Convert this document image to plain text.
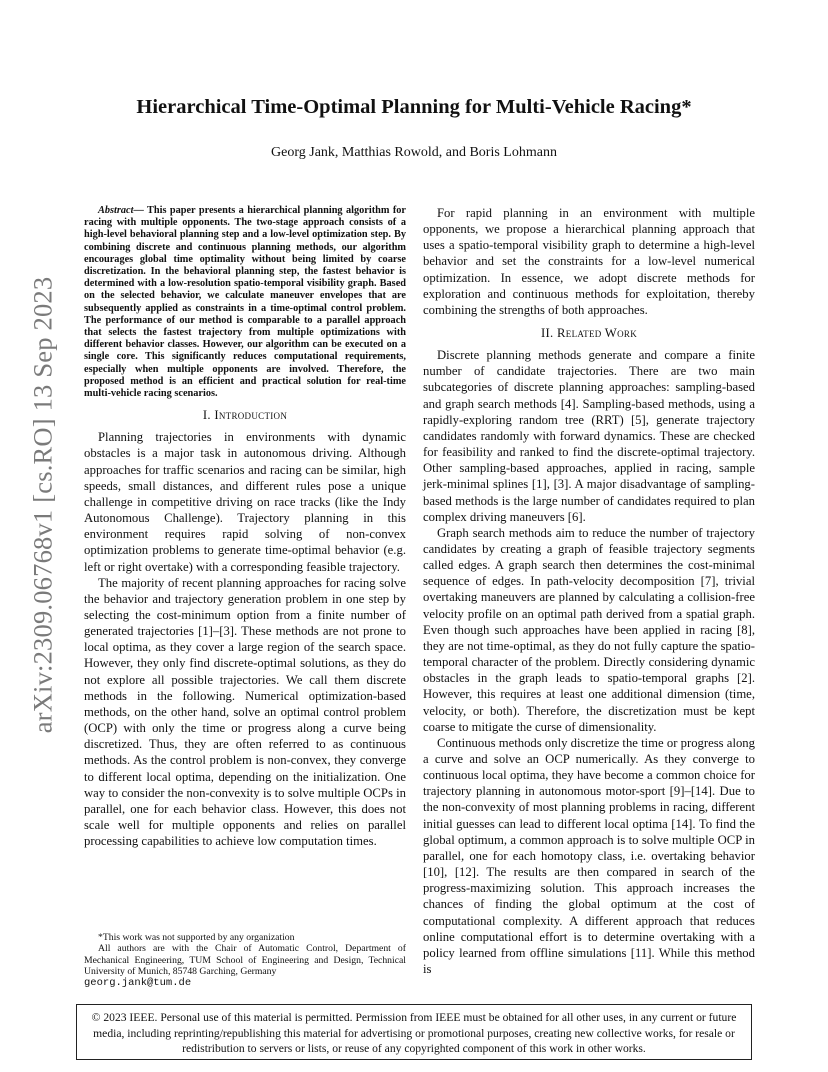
arXiv:2309.06768v1 [cs.RO] 13 Sep 2023
Hierarchical Time-Optimal Planning for Multi-Vehicle Racing*
Georg Jank, Matthias Rowold, and Boris Lohmann

Abstract— This paper presents a hierarchical planning algorithm for racing with multiple opponents. The two-stage approach consists of a high-level behavioral planning step and a low-level optimization step. By combining discrete and continuous planning methods, our algorithm encourages global time optimality without being limited by coarse discretization. In the behavioral planning step, the fastest behavior is determined with a low-resolution spatio-temporal visibility graph. Based on the selected behavior, we calculate maneuver envelopes that are subsequently applied as constraints in a time-optimal control problem. The performance of our method is comparable to a parallel approach that selects the fastest trajectory from multiple optimizations with different behavior classes. However, our algorithm can be executed on a single core. This significantly reduces computational requirements, especially when multiple opponents are involved. Therefore, the proposed method is an efficient and practical solution for real-time multi-vehicle racing scenarios.

I. Introduction

Planning trajectories in environments with dynamic obstacles is a major task in autonomous driving. Although approaches for traffic scenarios and racing can be similar, high speeds, small distances, and different rules pose a unique challenge in competitive driving on race tracks (like the Indy Autonomous Challenge). Trajectory planning in this environment requires rapid solving of non-convex optimization problems to generate time-optimal behavior (e.g. left or right overtake) with a corresponding feasible trajectory.

The majority of recent planning approaches for racing solve the behavior and trajectory generation problem in one step by selecting the cost-minimum option from a finite number of generated trajectories [1]–[3]. These methods are not prone to local optima, as they cover a large region of the search space. However, they only find discrete-optimal solutions, as they do not explore all possible trajectories. We call them discrete methods in the following. Numerical optimization-based methods, on the other hand, solve an optimal control problem (OCP) with only the time or progress along a curve being discretized. Thus, they are often referred to as continuous methods. As the control problem is non-convex, they converge to different local optima, depending on the initialization. One way to consider the non-convexity is to solve multiple OCPs in parallel, one for each behavior class. However, this does not scale well for multiple opponents and relies on parallel processing capabilities to achieve low computation times.

*This work was not supported by any organization

All authors are with the Chair of Automatic Control, Department of Mechanical Engineering, TUM School of Engineering and Design, Technical University of Munich, 85748 Garching, Germany

georg.jank@tum.de

For rapid planning in an environment with multiple opponents, we propose a hierarchical planning approach that uses a spatio-temporal visibility graph to determine a high-level behavior and set the constraints for a low-level numerical optimization. In essence, we adopt discrete methods for exploration and continuous methods for exploitation, thereby combining the strengths of both approaches.

II. Related Work

Discrete planning methods generate and compare a finite number of candidate trajectories. There are two main subcategories of discrete planning approaches: sampling-based and graph search methods [4]. Sampling-based methods, using a rapidly-exploring random tree (RRT) [5], generate trajectory candidates randomly with forward dynamics. These are checked for feasibility and ranked to find the discrete-optimal trajectory. Other sampling-based approaches, applied in racing, sample jerk-minimal splines [1], [3]. A major disadvantage of sampling-based methods is the large number of candidates required to plan complex driving maneuvers [6].

Graph search methods aim to reduce the number of trajectory candidates by creating a graph of feasible trajectory segments called edges. A graph search then determines the cost-minimal sequence of edges. In path-velocity decomposition [7], trivial overtaking maneuvers are planned by calculating a collision-free velocity profile on an optimal path derived from a spatial graph. Even though such approaches have been applied in racing [8], they are not time-optimal, as they do not fully capture the spatio-temporal character of the problem. Directly considering dynamic obstacles in the graph leads to spatio-temporal graphs [2]. However, this requires at least one additional dimension (time, velocity, or both). Therefore, the discretization must be kept coarse to mitigate the curse of dimensionality.

Continuous methods only discretize the time or progress along a curve and solve an OCP numerically. As they converge to continuous local optima, they have become a common choice for trajectory planning in autonomous motor-sport [9]–[14]. Due to the non-convexity of most planning problems in racing, different initial guesses can lead to different local optima [14]. To find the global optimum, a common approach is to solve multiple OCP in parallel, one for each homotopy class, i.e. overtaking behavior [10], [12]. The results are then compared in search of the progress-maximizing solution. This approach increases the chances of finding the global optimum at the cost of computational complexity. A different approach that reduces online computational effort is to determine overtaking with a policy learned from offline simulations [11]. While this method is

© 2023 IEEE. Personal use of this material is permitted. Permission from IEEE must be obtained for all other uses, in any current or future media, including reprinting/republishing this material for advertising or promotional purposes, creating new collective works, for resale or redistribution to servers or lists, or reuse of any copyrighted component of this work in other works.
